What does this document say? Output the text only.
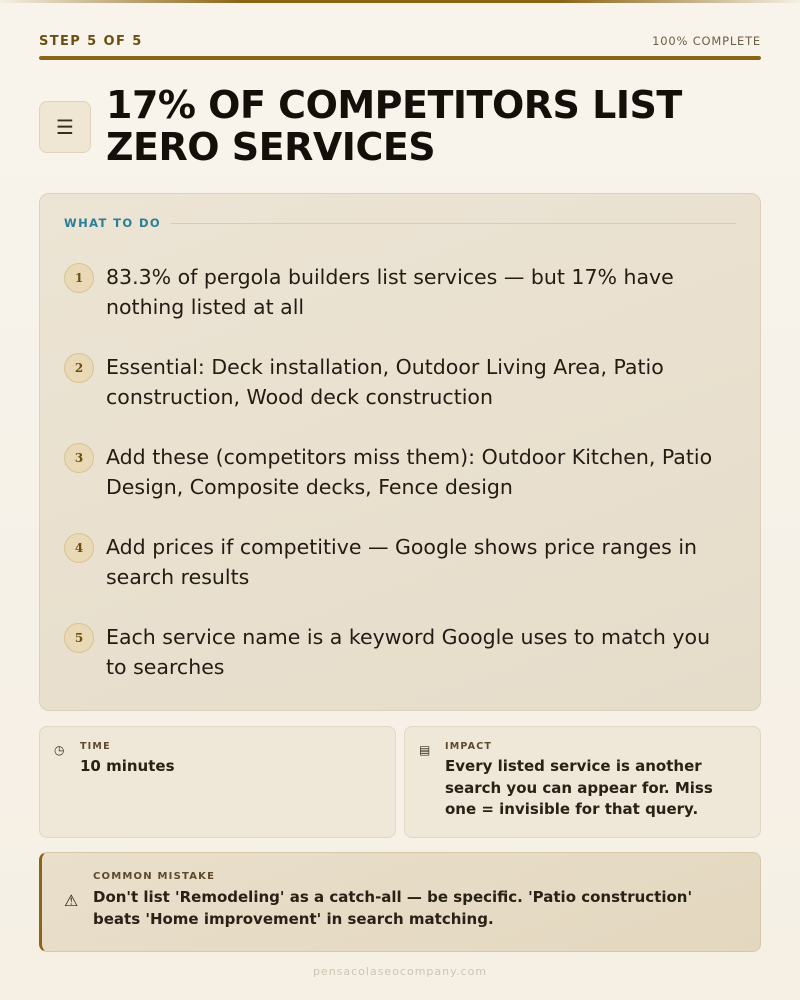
STEP 5 OF 5	100% COMPLETE
☰ 17% OF COMPETITORS LIST ZERO SERVICES
WHAT TO DO
1	83.3% of pergola builders list services — but 17% have nothing listed at all
2	Essential: Deck installation, Outdoor Living Area, Patio construction, Wood deck construction
3	Add these (competitors miss them): Outdoor Kitchen, Patio Design, Composite decks, Fence design
4	Add prices if competitive — Google shows price ranges in search results
5	Each service name is a keyword Google uses to match you to searches
◷	TIME
10 minutes
▤ IMPACT
Every listed service is another search you can appear for. Miss one = invisible for that query.
⚠
COMMON MISTAKE
Don't list 'Remodeling' as a catch-all — be specific. 'Patio construction' beats 'Home improvement' in search matching.
pensacolaseocompany.com
